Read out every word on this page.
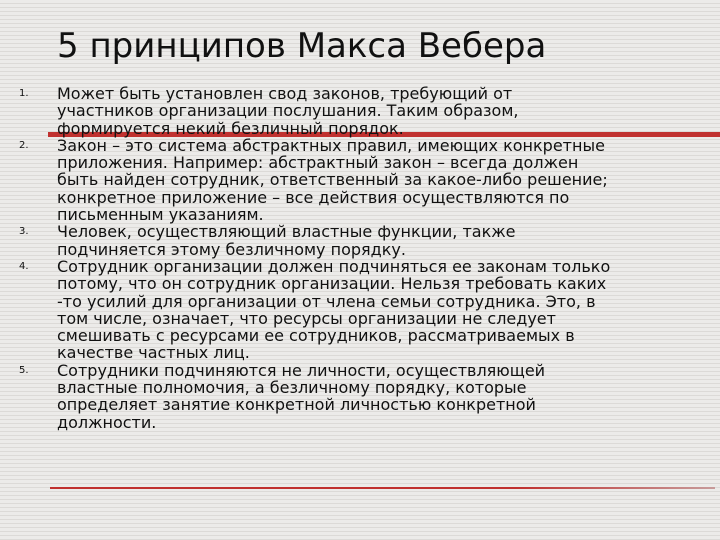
5 принципов Макса Вебера
1. Может быть установлен свод законов, требующий от
участников организации послушания. Таким образом,
формируется некий безличный порядок.
2. Закон – это система абстрактных правил, имеющих конкретные
приложения. Например: абстрактный закон – всегда должен
быть найден сотрудник, ответственный за какое-либо решение;
конкретное приложение – все действия осуществляются по
письменным указаниям.
3. Человек, осуществляющий властные функции, также
подчиняется этому безличному порядку.
4. Сотрудник организации должен подчиняться ее законам только
потому, что он сотрудник организации. Нельзя требовать каких
-то усилий для организации от члена семьи сотрудника. Это, в
том числе, означает, что ресурсы организации не следует
смешивать с ресурсами ее сотрудников, рассматриваемых в
качестве частных лиц.
5. Сотрудники подчиняются не личности, осуществляющей
властные полномочия, а безличному порядку, которые
определяет занятие конкретной личностью конкретной
должности.
